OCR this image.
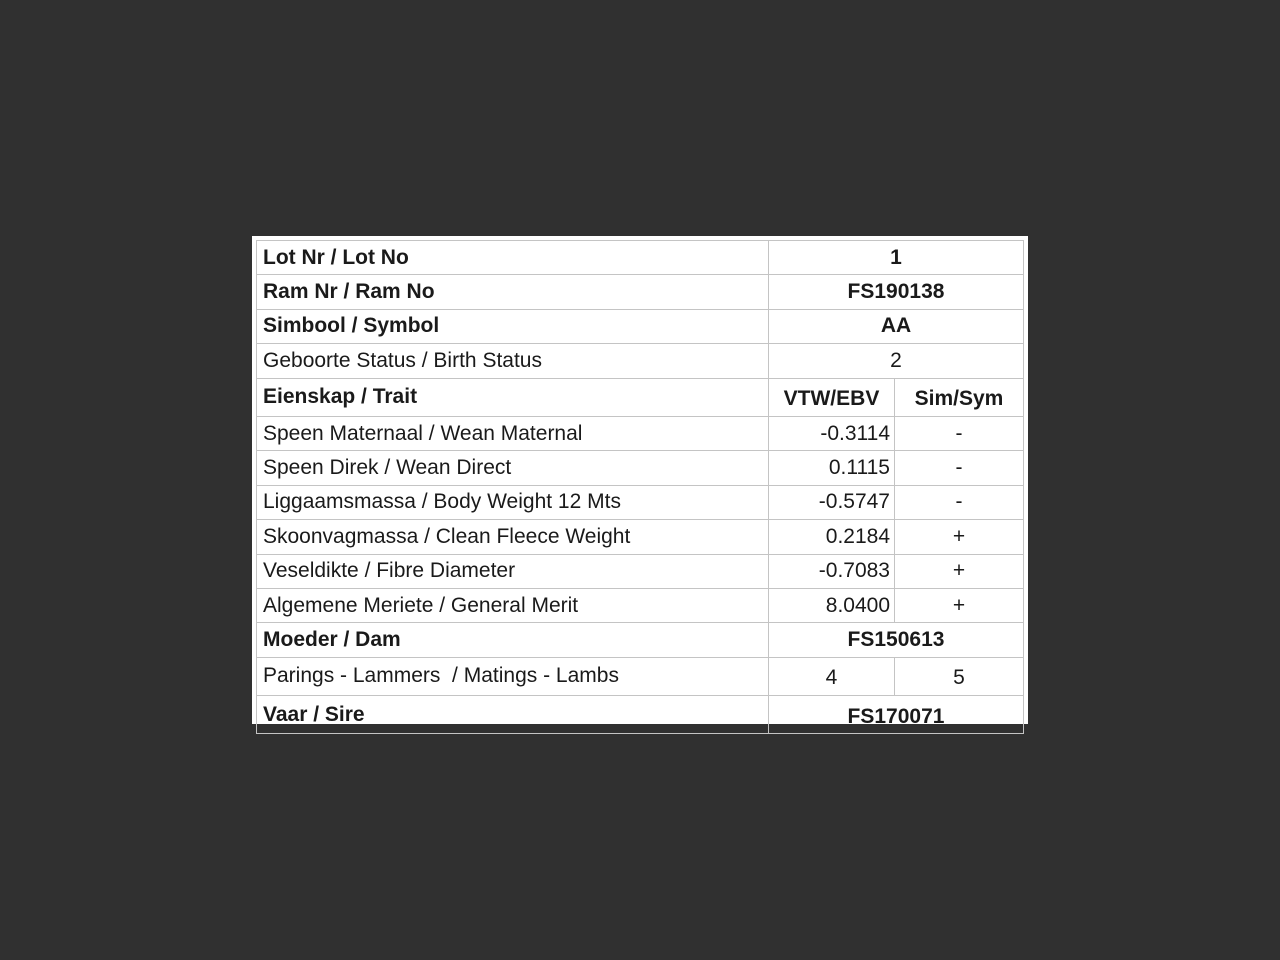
Lot Nr / Lot No	1	
Ram Nr / Ram No	FS190138	
Simbool / Symbol	AA	
Geboorte Status / Birth Status	2	
Eienskap / Trait	VTW/EBV	Sim/Sym
Speen Maternaal / Wean Maternal	-0.3114	-
Speen Direk / Wean Direct	0.1115	-
Liggaamsmassa / Body Weight 12 Mts	-0.5747	-
Skoonvagmassa / Clean Fleece Weight	0.2184	+
Veseldikte / Fibre Diameter	-0.7083	+
Algemene Meriete / General Merit	8.0400	+
Moeder / Dam	FS150613	
Parings - Lammers  / Matings - Lambs	4	5
Vaar / Sire	FS170071	
